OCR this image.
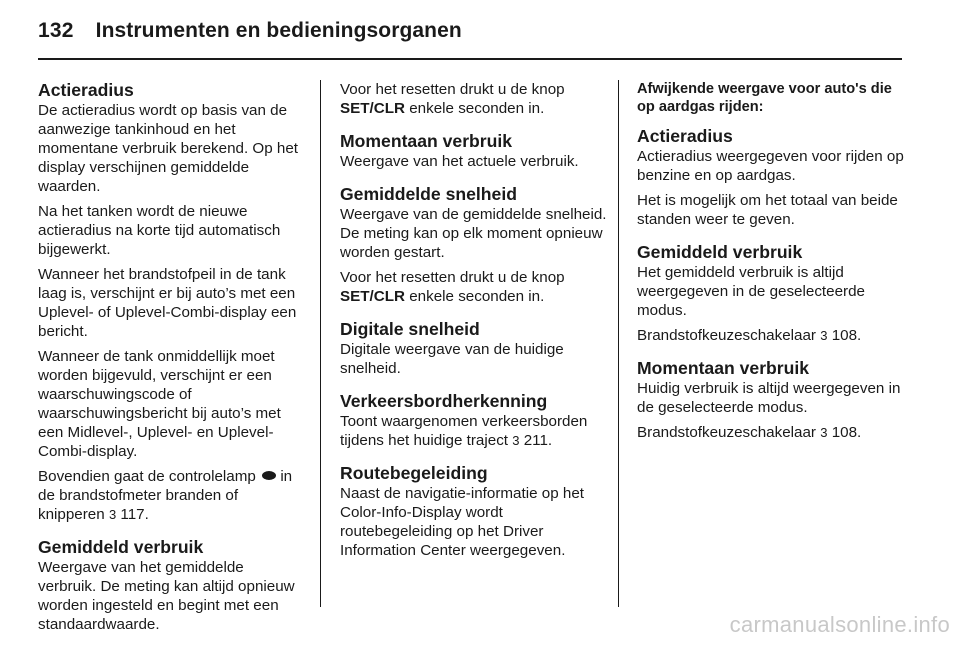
132 Instrumenten en bedieningsorganen
Actieradius

De actieradius wordt op basis van de aanwezige tankinhoud en het momentane verbruik berekend. Op het display verschijnen gemiddelde waarden.

Na het tanken wordt de nieuwe actieradius na korte tijd automatisch bijgewerkt.

Wanneer het brandstofpeil in de tank laag is, verschijnt er bij auto’s met een Uplevel- of Uplevel-Combi-display een bericht.

Wanneer de tank onmiddellijk moet worden bijgevuld, verschijnt er een waarschuwingscode of waarschuwingsbericht bij auto’s met een Midlevel-, Uplevel- en Uplevel-Combi-display.

Bovendien gaat de controlelamp in de brandstofmeter branden of knipperen 3 117.

Gemiddeld verbruik

Weergave van het gemiddelde verbruik. De meting kan altijd opnieuw worden ingesteld en begint met een standaardwaarde.

Voor het resetten drukt u de knop SET/CLR enkele seconden in.

Momentaan verbruik

Weergave van het actuele verbruik.

Gemiddelde snelheid

Weergave van de gemiddelde snelheid. De meting kan op elk moment opnieuw worden gestart.

Voor het resetten drukt u de knop SET/CLR enkele seconden in.

Digitale snelheid

Digitale weergave van de huidige snelheid.

Verkeersbordherkenning

Toont waargenomen verkeersborden tijdens het huidige traject 3 211.

Routebegeleiding

Naast de navigatie-informatie op het Color-Info-Display wordt routebegeleiding op het Driver Information Center weergegeven.

Afwijkende weergave voor auto's die op aardgas rijden:
Actieradius

Actieradius weergegeven voor rijden op benzine en op aardgas.

Het is mogelijk om het totaal van beide standen weer te geven.

Gemiddeld verbruik

Het gemiddeld verbruik is altijd weergegeven in de geselecteerde modus.

Brandstofkeuzeschakelaar 3 108.

Momentaan verbruik

Huidig verbruik is altijd weergegeven in de geselecteerde modus.

Brandstofkeuzeschakelaar 3 108.

carmanualsonline.info
